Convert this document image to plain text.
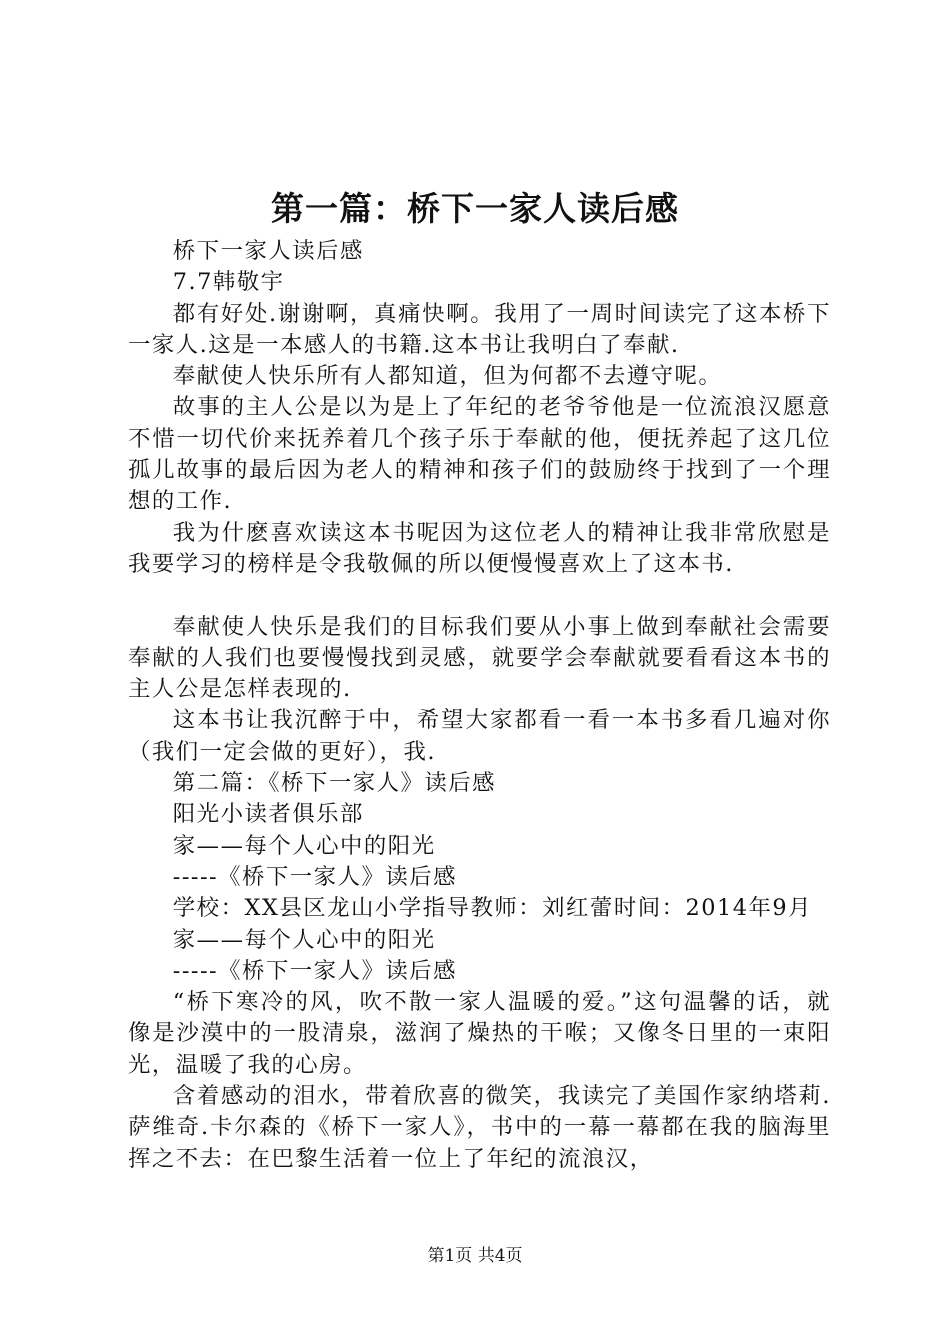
第一篇：桥下一家人读后感

桥下一家人读后感

7.7韩敬宇

都有好处.谢谢啊，真痛快啊。我用了一周时间读完了这本桥下一家人.这是一本感人的书籍.这本书让我明白了奉献.

奉献使人快乐所有人都知道，但为何都不去遵守呢。

故事的主人公是以为是上了年纪的老爷爷他是一位流浪汉愿意不惜一切代价来抚养着几个孩子乐于奉献的他，便抚养起了这几位孤儿故事的最后因为老人的精神和孩子们的鼓励终于找到了一个理想的工作.

我为什麽喜欢读这本书呢因为这位老人的精神让我非常欣慰是我要学习的榜样是令我敬佩的所以便慢慢喜欢上了这本书.

奉献使人快乐是我们的目标我们要从小事上做到奉献社会需要奉献的人我们也要慢慢找到灵感，就要学会奉献就要看看这本书的主人公是怎样表现的.

这本书让我沉醉于中，希望大家都看一看一本书多看几遍对你（我们一定会做的更好），我.

第二篇：《桥下一家人》读后感

阳光小读者俱乐部

家——每个人心中的阳光

-----《桥下一家人》读后感

学校：XX县区龙山小学指导教师：刘红蕾时间：2014年9月

家——每个人心中的阳光

-----《桥下一家人》读后感

“桥下寒冷的风，吹不散一家人温暖的爱。”这句温馨的话，就像是沙漠中的一股清泉，滋润了燥热的干喉；又像冬日里的一束阳光，温暖了我的心房。

含着感动的泪水，带着欣喜的微笑，我读完了美国作家纳塔莉.萨维奇.卡尔森的《桥下一家人》，书中的一幕一幕都在我的脑海里挥之不去：在巴黎生活着一位上了年纪的流浪汉，

第1页 共4页
